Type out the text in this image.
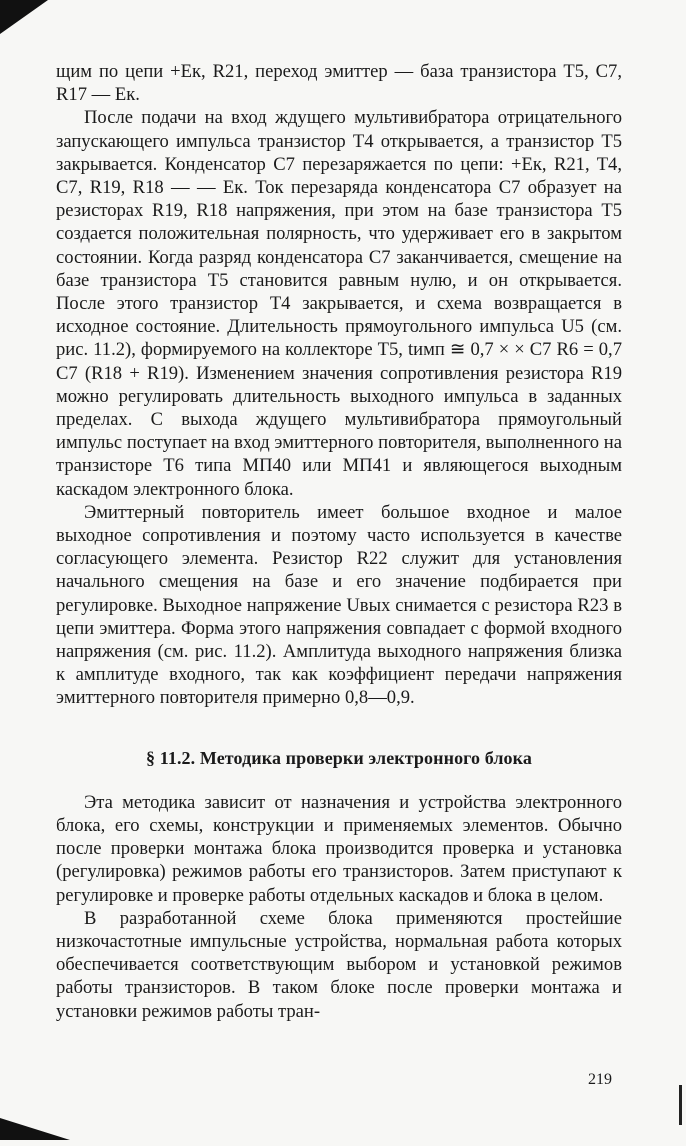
щим по цепи +Eк, R21, переход эмиттер — база транзистора T5, C7, R17 — Eк.

После подачи на вход ждущего мультивибратора отрицательного запускающего импульса транзистор T4 открывается, а транзистор T5 закрывается. Конденсатор C7 перезаряжается по цепи: +Eк, R21, T4, C7, R19, R18 — — Eк. Ток перезаряда конденсатора C7 образует на резисторах R19, R18 напряжения, при этом на базе транзистора T5 создается положительная полярность, что удерживает его в закрытом состоянии. Когда разряд конденсатора C7 заканчивается, смещение на базе транзистора T5 становится равным нулю, и он открывается. После этого транзистор T4 закрывается, и схема возвращается в исходное состояние. Длительность прямоугольного импульса U5 (см. рис. 11.2), формируемого на коллекторе T5, tимп ≅ 0,7 × × C7 R6 = 0,7 C7 (R18 + R19). Изменением значения сопротивления резистора R19 можно регулировать длительность выходного импульса в заданных пределах. С выхода ждущего мультивибратора прямоугольный импульс поступает на вход эмиттерного повторителя, выполненного на транзисторе T6 типа МП40 или МП41 и являющегося выходным каскадом электронного блока.

Эмиттерный повторитель имеет большое входное и малое выходное сопротивления и поэтому часто используется в качестве согласующего элемента. Резистор R22 служит для установления начального смещения на базе и его значение подбирается при регулировке. Выходное напряжение Uвых снимается с резистора R23 в цепи эмиттера. Форма этого напряжения совпадает с формой входного напряжения (см. рис. 11.2). Амплитуда выходного напряжения близка к амплитуде входного, так как коэффициент передачи напряжения эмиттерного повторителя примерно 0,8—0,9.

§ 11.2. Методика проверки электронного блока

Эта методика зависит от назначения и устройства электронного блока, его схемы, конструкции и применяемых элементов. Обычно после проверки монтажа блока производится проверка и установка (регулировка) режимов работы его транзисторов. Затем приступают к регулировке и проверке работы отдельных каскадов и блока в целом.

В разработанной схеме блока применяются простейшие низкочастотные импульсные устройства, нормальная работа которых обеспечивается соответствующим выбором и установкой режимов работы транзисторов. В таком блоке после проверки монтажа и установки режимов работы тран-

219
